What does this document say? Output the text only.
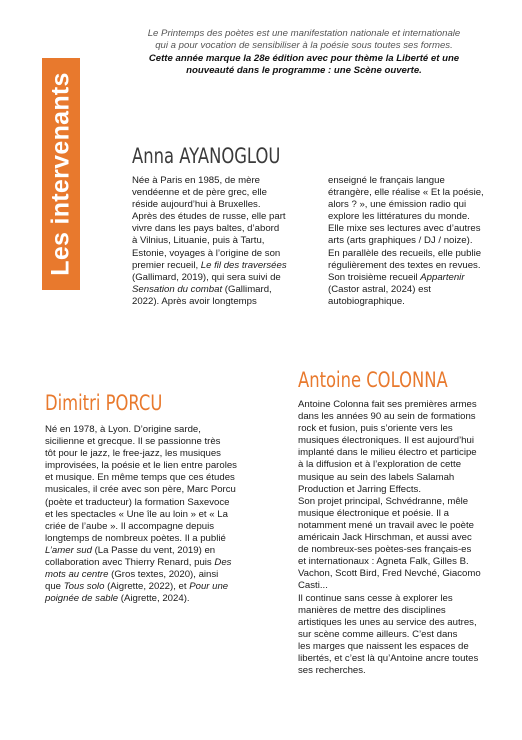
Les intervenants
Le Printemps des poètes est une manifestation nationale et internationale
qui a pour vocation de sensibiliser à la poésie sous toutes ses formes.
Cette année marque la 28e édition avec pour thème la Liberté et une
nouveauté dans le programme : une Scène ouverte.
Anna AYANOGLOU
Née à Paris en 1985, de mère
vendéenne et de père grec, elle
réside aujourd’hui à Bruxelles.
Après des études de russe, elle part
vivre dans les pays baltes, d’abord
à Vilnius, Lituanie, puis à Tartu,
Estonie, voyages à l’origine de son
premier recueil, Le fil des traversées
(Gallimard, 2019), qui sera suivi de
Sensation du combat (Gallimard,
2022). Après avoir longtemps
enseigné le français langue
étrangère, elle réalise « Et la poésie,
alors ? », une émission radio qui
explore les littératures du monde.
Elle mixe ses lectures avec d’autres
arts (arts graphiques / DJ / noize).
En parallèle des recueils, elle publie
régulièrement des textes en revues.
Son troisième recueil Appartenir
(Castor astral, 2024) est
autobiographique.
Dimitri PORCU
Né en 1978, à Lyon. D’origine sarde,
sicilienne et grecque. Il se passionne très
tôt pour le jazz, le free-jazz, les musiques
improvisées, la poésie et le lien entre paroles
et musique. En même temps que ces études
musicales, il crée avec son père, Marc Porcu
(poète et traducteur) la formation Saxevoce
et les spectacles « Une île au loin » et « La
criée de l’aube ». Il accompagne depuis
longtemps de nombreux poètes. Il a publié
L’amer sud (La Passe du vent, 2019) en
collaboration avec Thierry Renard, puis Des
mots au centre (Gros textes, 2020), ainsi
que Tous solo (Aigrette, 2022), et Pour une
poignée de sable (Aigrette, 2024).
Antoine COLONNA
Antoine Colonna fait ses premières armes
dans les années 90 au sein de formations
rock et fusion, puis s’oriente vers les
musiques électroniques. Il est aujourd’hui
implanté dans le milieu électro et participe
à la diffusion et à l’exploration de cette
musique au sein des labels Salamah
Production et Jarring Effects.
Son projet principal, Schvédranne, mêle
musique électronique et poésie. Il a
notamment mené un travail avec le poète
américain Jack Hirschman, et aussi avec
de nombreux-ses poètes-ses français-es
et internationaux : Agneta Falk, Gilles B.
Vachon, Scott Bird, Fred Nevché, Giacomo
Casti...
Il continue sans cesse à explorer les
manières de mettre des disciplines
artistiques les unes au service des autres,
sur scène comme ailleurs. C’est dans
les marges que naissent les espaces de
libertés, et c’est là qu’Antoine ancre toutes
ses recherches.
